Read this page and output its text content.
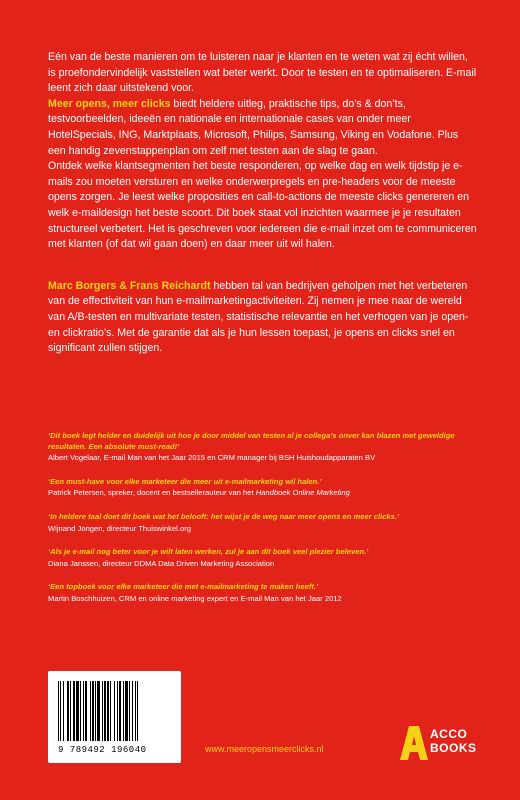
Eén van de beste manieren om te luisteren naar je klanten en te weten wat zij écht willen, is proefondervindelijk vaststellen wat beter werkt. Door te testen en te optimaliseren. E-mail leent zich daar uitstekend voor.

Meer opens, meer clicks biedt heldere uitleg, praktische tips, do’s & don’ts, testvoorbeelden, ideeën en nationale en internationale cases van onder meer HotelSpecials, ING, Marktplaats, Microsoft, Philips, Samsung, Viking en Vodafone. Plus een handig zevenstappenplan om zelf met testen aan de slag te gaan.

Ontdek welke klantsegmenten het beste responderen, op welke dag en welk tijdstip je e-mails zou moeten versturen en welke onderwerpregels en pre-headers voor de meeste opens zorgen. Je leest welke proposities en call-to-actions de meeste clicks genereren en welk e-maildesign het beste scoort. Dit boek staat vol inzichten waarmee je je resultaten structureel verbetert. Het is geschreven voor iedereen die e-mail inzet om te communiceren met klanten (of dat wil gaan doen) en daar meer uit wil halen.

Marc Borgers & Frans Reichardt hebben tal van bedrijven geholpen met het verbeteren van de effectiviteit van hun e-mailmarketingactiviteiten. Zij nemen je mee naar de wereld van A/B-testen en multivariate testen, statistische relevantie en het verhogen van je open- en clickratio’s. Met de garantie dat als je hun lessen toepast, je opens en clicks snel en significant zullen stijgen.

‘Dit boek legt helder en duidelijk uit hoe je door middel van testen al je collega’s onver kan blazen met geweldige resultaten. Een absolute must-read!’
Albert Vogelaar, E-mail Man van het Jaar 2015 en CRM manager bij BSH Huishoudapparaten BV
‘Een must-have voor elke marketeer die meer uit e-mailmarketing wil halen.’
Patrick Petersen, spreker, docent en bestsellerauteur van het Handboek Online Marketing
‘In heldere taal doet dit boek wat het belooft: het wijst je de weg naar meer opens en meer clicks.’
Wijnand Jongen, directeur Thuiswinkel.org
‘Als je e-mail nog beter voor je wilt laten werken, zul je aan dit boek veel plezier beleven.’
Diana Janssen, directeur DDMA Data Driven Marketing Association
‘Een topboek voor elke marketeer die met e-mailmarketing te maken heeft.’
Martin Boschhuizen, CRM en online marketing expert en E-mail Man van het Jaar 2012
9 789492 196040	www.meeropensmeerclicks.nl
ACCO
BOOKS
